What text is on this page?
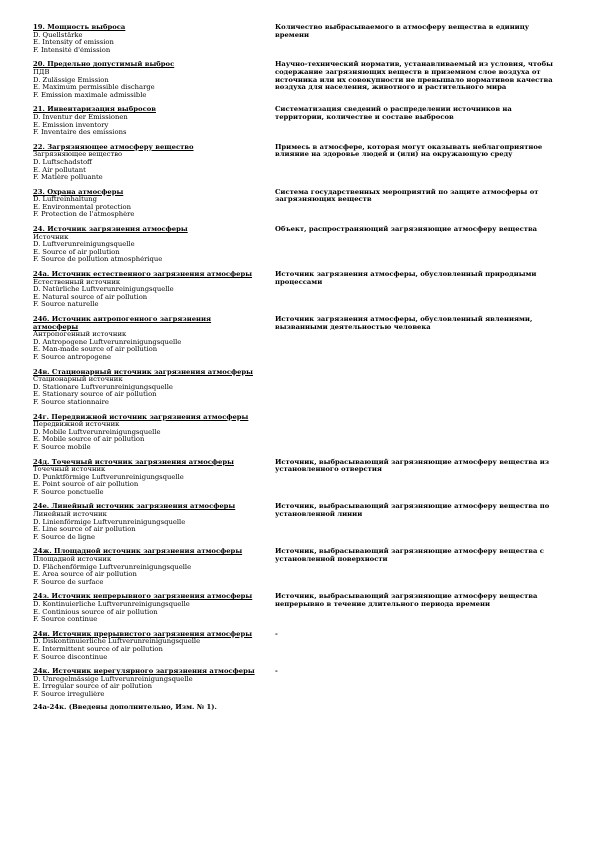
19. Мощность выброса
D. Quellstärke
E. Intensity of emission
F. Intensité d'émission
Количество выбрасываемого в атмосферу вещества в единицу времени
20. Предельно допустимый выброс
ПДВ
D. Zulässige Emission
E. Maximum permissible discharge
F. Emission maximale admissible
Научно-технический норматив, устанавливаемый из условия, чтобы содержание загрязняющих веществ в приземном слое воздуха от источника или их совокупности не превышало нормативов качества воздуха для населения, животного и растительного мира
21. Инвентаризация выбросов
D. Inventur der Emissionen
E. Emission inventory
F. Inventaire des emissions
Систематизация сведений о распределении источников на территории, количестве и составе выбросов
22. Загрязняющее атмосферу вещество
Загрязняющее вещество
D. Luftschadstoff
E. Air pollutant
F. Matière polluante
Примесь в атмосфере, которая могут оказывать неблагоприятное влияние на здоровье людей и (или) на окружающую среду
23. Охрана атмосферы
D. Luftreinhaltung
E. Environmental protection
F. Protection de l'atmosphère
Система государственных мероприятий по защите атмосферы от загрязняющих веществ
24. Источник загрязнения атмосферы
Источник
D. Luftverunreinigungsquelle
E. Source of air pollution
F. Source de pollution atmosphérique
Объект, распространяющий загрязняющие атмосферу вещества
24а. Источник естественного загрязнения атмосферы
Естественный источник
D. Natürliche Luftverunreinigungsquelle
E. Natural source of air pollution
F. Source naturelle
Источник загрязнения атмосферы, обусловленный природными процессами
24б. Источник антропогенного загрязнения
атмосферы
Антропогенный источник
D. Antropogene Luftverunreinigungsquelle
E. Man-made source of air pollution
F. Source antropogene
Источник загрязнения атмосферы, обусловленный явлениями, вызванными деятельностью человека
24в. Стационарный источник загрязнения атмосферы
Стационарный источник
D. Stationare Luftverunreinigungsquelle
E. Stationary source of air pollution
F. Source stationnaire
24г. Передвижной источник загрязнения атмосферы
Передвижной источник
D. Mobile Luftverunreinigungsquelle
E. Mobile source of air pollution
F. Source mobile
24д. Точечный источник загрязнения атмосферы
Точечный источник
D. Punktförmige Luftverunreinigungsquelle
E. Point source of air pollution
F. Source ponctuelle
Источник, выбрасывающий загрязняющие атмосферу вещества из установленного отверстия
24е. Линейный источник загрязнения атмосферы
Линейный источник
D. Linienförmige Luftverunreinigungsquelle
E. Line source of air pollution
F. Source de ligne
Источник, выбрасывающий загрязняющие атмосферу вещества по установленной линии
24ж. Площадной источник загрязнения атмосферы
Площадной источник
D. Flächenförmige Luftverunreinigungsquelle
E. Area source of air pollution
F. Source de surface
Источник, выбрасывающий загрязняющие атмосферу вещества с установленной поверхности
24з. Источник непрерывного загрязнения атмосферы
D. Kontinuierliche Luftverunreinigungsquelle
E. Continious source of air pollution
F. Source continue
Источник, выбрасывающий загрязняющие атмосферу вещества непрерывно в течение длительного периода времени
24и. Источник прерывистого загрязнения атмосферы
D. Diskontinuierliche Luftverunreinigungsquelle
E. Intermittent source of air pollution
F. Source discontinue
-
24к. Источник нерегулярного загрязнения атмосферы
D. Unregelmässige Luftverunreinigungsquelle
E. Irregular source of air pollution
F. Source irregulière
-
24а-24к. (Введены дополнительно, Изм. № 1).
